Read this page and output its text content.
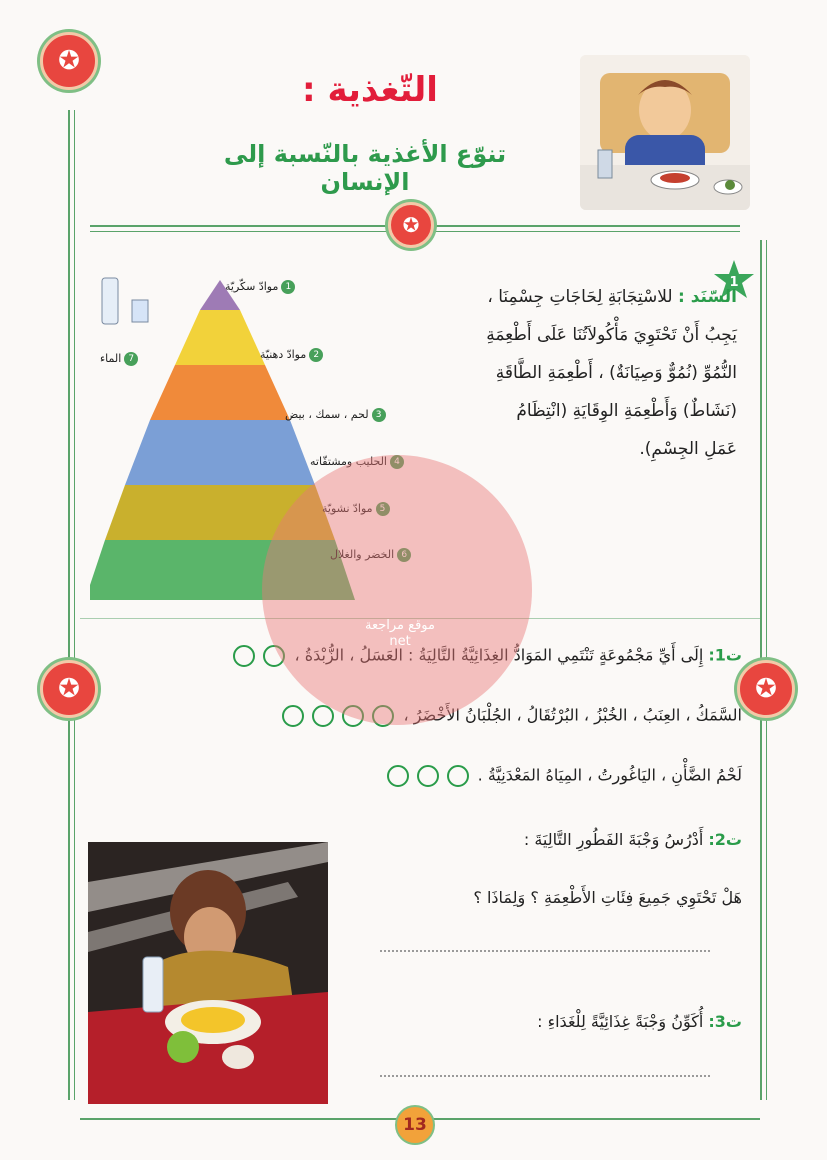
✪
✪
✪	✪
التّغذية :
تنوّع الأغذية بالنّسبة إلى الإنسان
1
السّنَد : للاسْتِجَابَةِ لِحَاجَاتِ جِسْمِنَا ،
يَجِبُ أَنْ تَحْتَوِيَ مَأْكُولاَتُنَا عَلَى أَطْعِمَةِ
النُّمُوِّ (نُمُوٌّ وَصِيَانَةٌ) ، أَطْعِمَةِ الطَّاقَةِ
(نَشَاطٌ) وَأَطْعِمَةِ الوِقَايَةِ (انْتِظَامُ
عَمَلِ الجِسْمِ).
1موادّ سكّريّة
2موادّ دهنيّة
3لحم ، سمك ، بيض
4الحليب ومشتقّاته
5موادّ نشويّة
6الخضر والغلال
7الماء
ت1: إِلَى أَيِّ مَجْمُوعَةٍ تَنْتَمِي المَوَادُّ الغِذَائِيَّةُ التَّالِيَةُ : العَسَلُ ، الزُّبْدَةُ ،
السَّمَكُ ، العِنَبُ ، الخُبْزُ ، البُرْتُقَالُ ، الجُلْبَانُ الأَخْضَرُ ،
لَحْمُ الضَّأْنِ ، اليَاغُورتُ ، المِيَاهُ المَعْدَنِيَّةُ .
ت2: أَدْرُسُ وَجْبَةَ الفَطُورِ التَّالِيَةَ :
هَلْ تَحْتَوِي جَمِيعَ فِئَاتِ الأَطْعِمَةِ ؟ وَلِمَاذَا ؟
ت3: أُكَوِّنُ وَجْبَةً غِذَائِيَّةً لِلْغَدَاءِ :
موقع مراجعة
net
13
